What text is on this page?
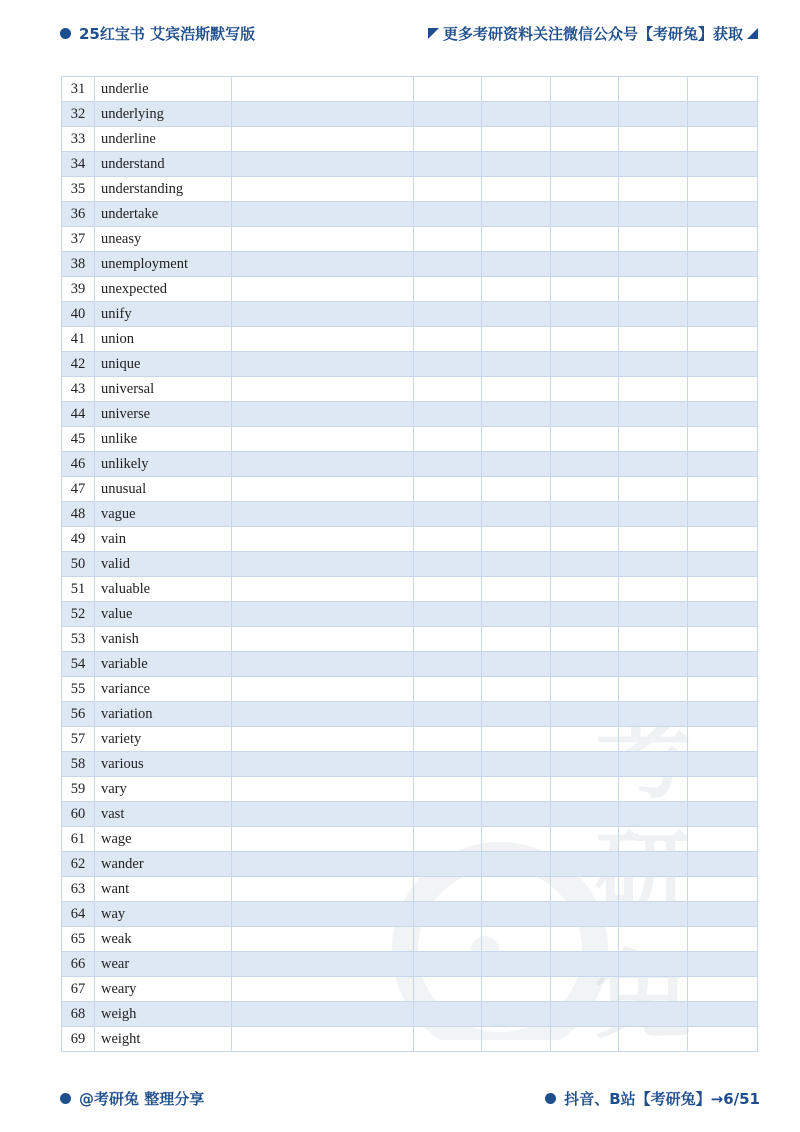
25红宝书 艾宾浩斯默写版	更多考研资料关注微信公众号【考研兔】获取
兔
31	underlie						
32	underlying						
33	underline						
34	understand						
35	understanding						
36	undertake						
37	uneasy						
38	unemployment						
39	unexpected						
40	unify						
41	union						
42	unique						
43	universal						
44	universe						
45	unlike						
46	unlikely						
47	unusual						
48	vague						
49	vain						
50	valid						
51	valuable						
52	value						
53	vanish						
54	variable						
55	variance						
56	variation						
57	variety						
58	various						
59	vary						
60	vast						
61	wage						
62	wander						
63	want						
64	way						
65	weak						
66	wear						
67	weary						
68	weigh						
69	weight						
@考研兔 整理分享	抖音、B站【考研兔】→6/51
